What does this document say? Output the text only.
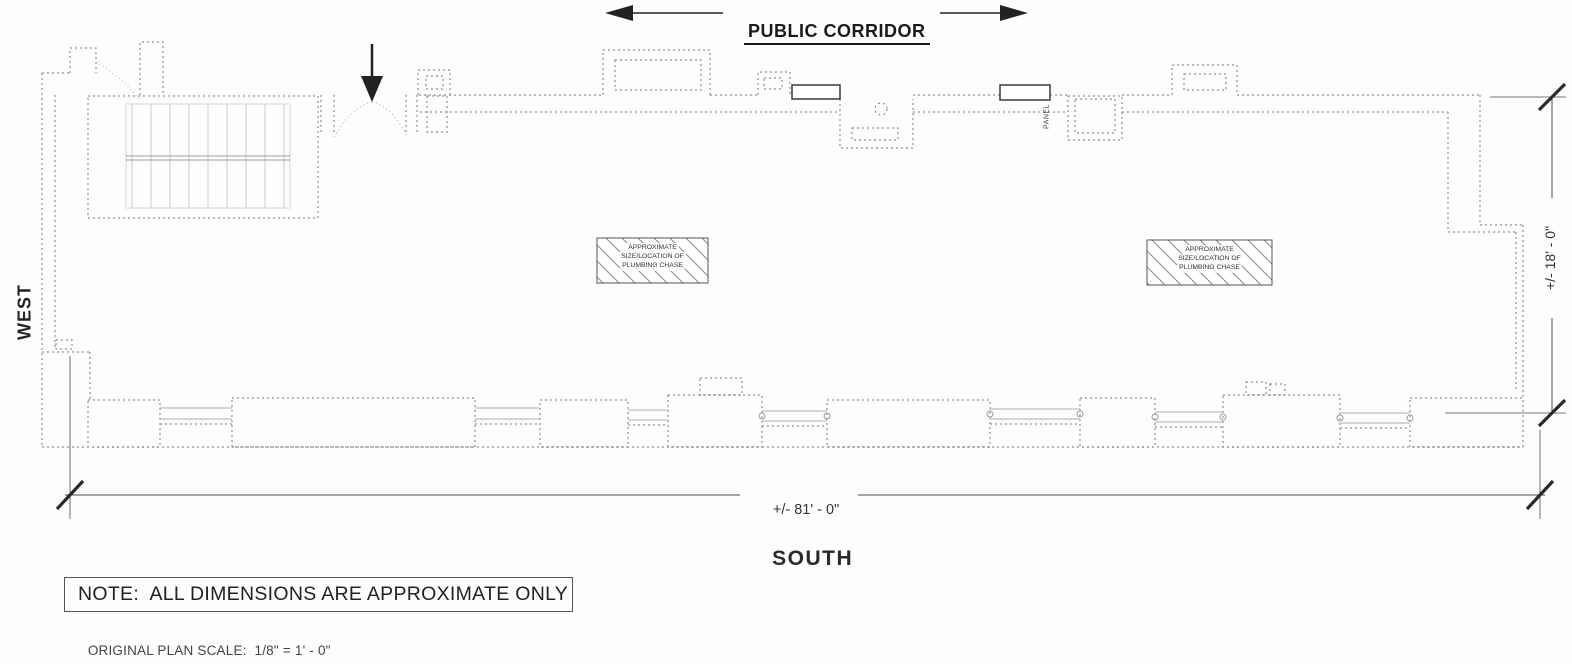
PUBLIC CORRIDOR

WEST

SOUTH

+/- 81' - 0"

+/- 18' - 0"
PANEL
APPROXIMATE
SIZE/LOCATION OF
PLUMBING CHASE
APPROXIMATE
SIZE/LOCATION OF
PLUMBING CHASE
NOTE:  ALL DIMENSIONS ARE APPROXIMATE ONLY

ORIGINAL PLAN SCALE:  1/8" = 1' - 0"
